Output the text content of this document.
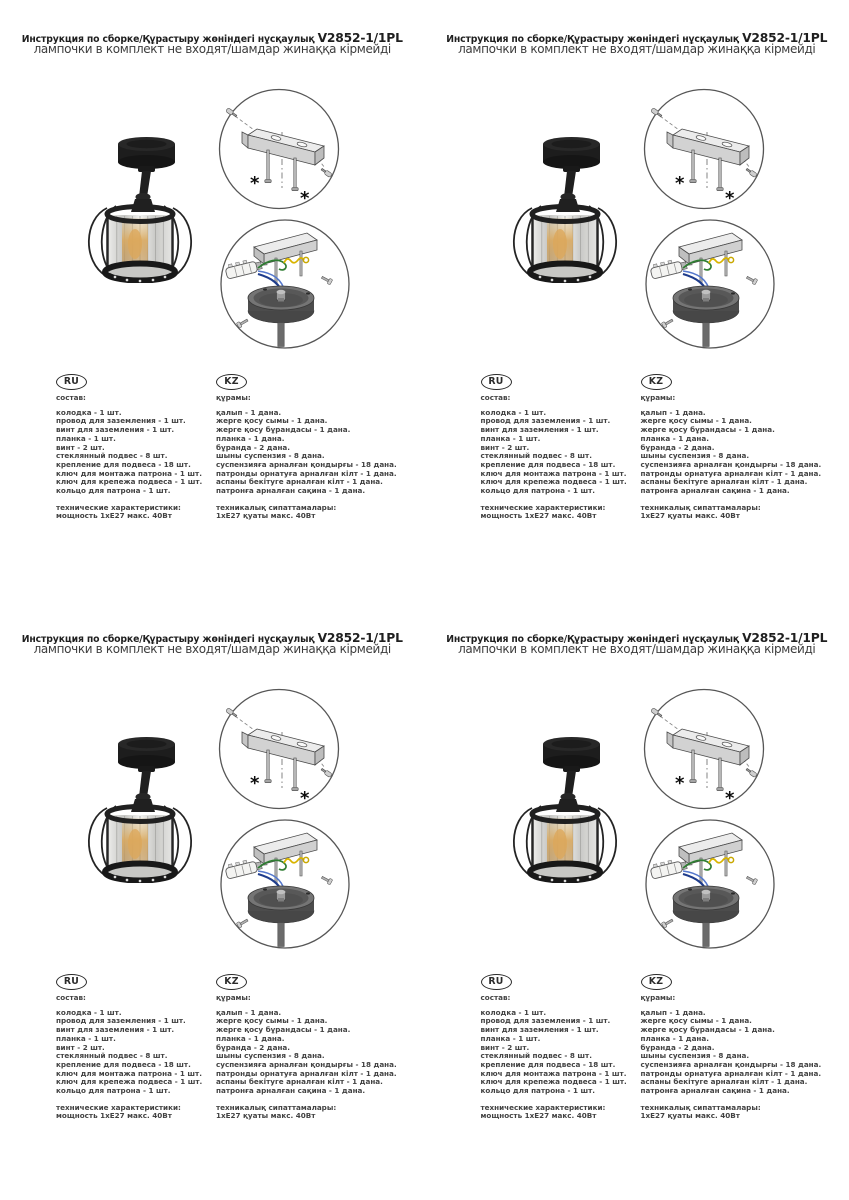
Инструкция по сборке/Құрастыру жөніндегі нұсқаулық V2852-1/1PL
лампочки в комплект не входят/шамдар жинаққа кірмейді
*
*
RU
состав:
колодка - 1 шт.
провод для заземления - 1 шт.
винт для заземления - 1 шт.
планка - 1 шт.
винт - 2 шт.
стеклянный подвес - 8 шт.
крепление для подвеса - 18 шт.
ключ для монтажа патрона - 1 шт.
ключ для крепежа подвеса - 1 шт.
кольцо для патрона - 1 шт.
технические характеристики:
мощность 1хЕ27 макс. 40Вт
KZ
құрамы:
қалып - 1 дана.
жерге қосу сымы - 1 дана.
жерге қосу бұрандасы - 1 дана.
планка - 1 дана.
бұранда - 2 дана.
шыны суспензия - 8 дана.
суспензияға арналған қондырғы - 18 дана.
патронды орнатуға арналған кілт - 1 дана.
аспаны бекітуге арналған кілт - 1 дана.
патронға арналған сақина - 1 дана.
техникалық сипаттамалары:
1хЕ27 қуаты макс. 40Вт
Инструкция по сборке/Құрастыру жөніндегі нұсқаулық V2852-1/1PL
лампочки в комплект не входят/шамдар жинаққа кірмейді
*
*
RU
состав:
колодка - 1 шт.
провод для заземления - 1 шт.
винт для заземления - 1 шт.
планка - 1 шт.
винт - 2 шт.
стеклянный подвес - 8 шт.
крепление для подвеса - 18 шт.
ключ для монтажа патрона - 1 шт.
ключ для крепежа подвеса - 1 шт.
кольцо для патрона - 1 шт.
технические характеристики:
мощность 1хЕ27 макс. 40Вт
KZ
құрамы:
қалып - 1 дана.
жерге қосу сымы - 1 дана.
жерге қосу бұрандасы - 1 дана.
планка - 1 дана.
бұранда - 2 дана.
шыны суспензия - 8 дана.
суспензияға арналған қондырғы - 18 дана.
патронды орнатуға арналған кілт - 1 дана.
аспаны бекітуге арналған кілт - 1 дана.
патронға арналған сақина - 1 дана.
техникалық сипаттамалары:
1хЕ27 қуаты макс. 40Вт
Инструкция по сборке/Құрастыру жөніндегі нұсқаулық V2852-1/1PL
лампочки в комплект не входят/шамдар жинаққа кірмейді
*
*
RU
состав:
колодка - 1 шт.
провод для заземления - 1 шт.
винт для заземления - 1 шт.
планка - 1 шт.
винт - 2 шт.
стеклянный подвес - 8 шт.
крепление для подвеса - 18 шт.
ключ для монтажа патрона - 1 шт.
ключ для крепежа подвеса - 1 шт.
кольцо для патрона - 1 шт.
технические характеристики:
мощность 1хЕ27 макс. 40Вт
KZ
құрамы:
қалып - 1 дана.
жерге қосу сымы - 1 дана.
жерге қосу бұрандасы - 1 дана.
планка - 1 дана.
бұранда - 2 дана.
шыны суспензия - 8 дана.
суспензияға арналған қондырғы - 18 дана.
патронды орнатуға арналған кілт - 1 дана.
аспаны бекітуге арналған кілт - 1 дана.
патронға арналған сақина - 1 дана.
техникалық сипаттамалары:
1хЕ27 қуаты макс. 40Вт
Инструкция по сборке/Құрастыру жөніндегі нұсқаулық V2852-1/1PL
лампочки в комплект не входят/шамдар жинаққа кірмейді
*
*
RU
состав:
колодка - 1 шт.
провод для заземления - 1 шт.
винт для заземления - 1 шт.
планка - 1 шт.
винт - 2 шт.
стеклянный подвес - 8 шт.
крепление для подвеса - 18 шт.
ключ для монтажа патрона - 1 шт.
ключ для крепежа подвеса - 1 шт.
кольцо для патрона - 1 шт.
технические характеристики:
мощность 1хЕ27 макс. 40Вт
KZ
құрамы:
қалып - 1 дана.
жерге қосу сымы - 1 дана.
жерге қосу бұрандасы - 1 дана.
планка - 1 дана.
бұранда - 2 дана.
шыны суспензия - 8 дана.
суспензияға арналған қондырғы - 18 дана.
патронды орнатуға арналған кілт - 1 дана.
аспаны бекітуге арналған кілт - 1 дана.
патронға арналған сақина - 1 дана.
техникалық сипаттамалары:
1хЕ27 қуаты макс. 40Вт
